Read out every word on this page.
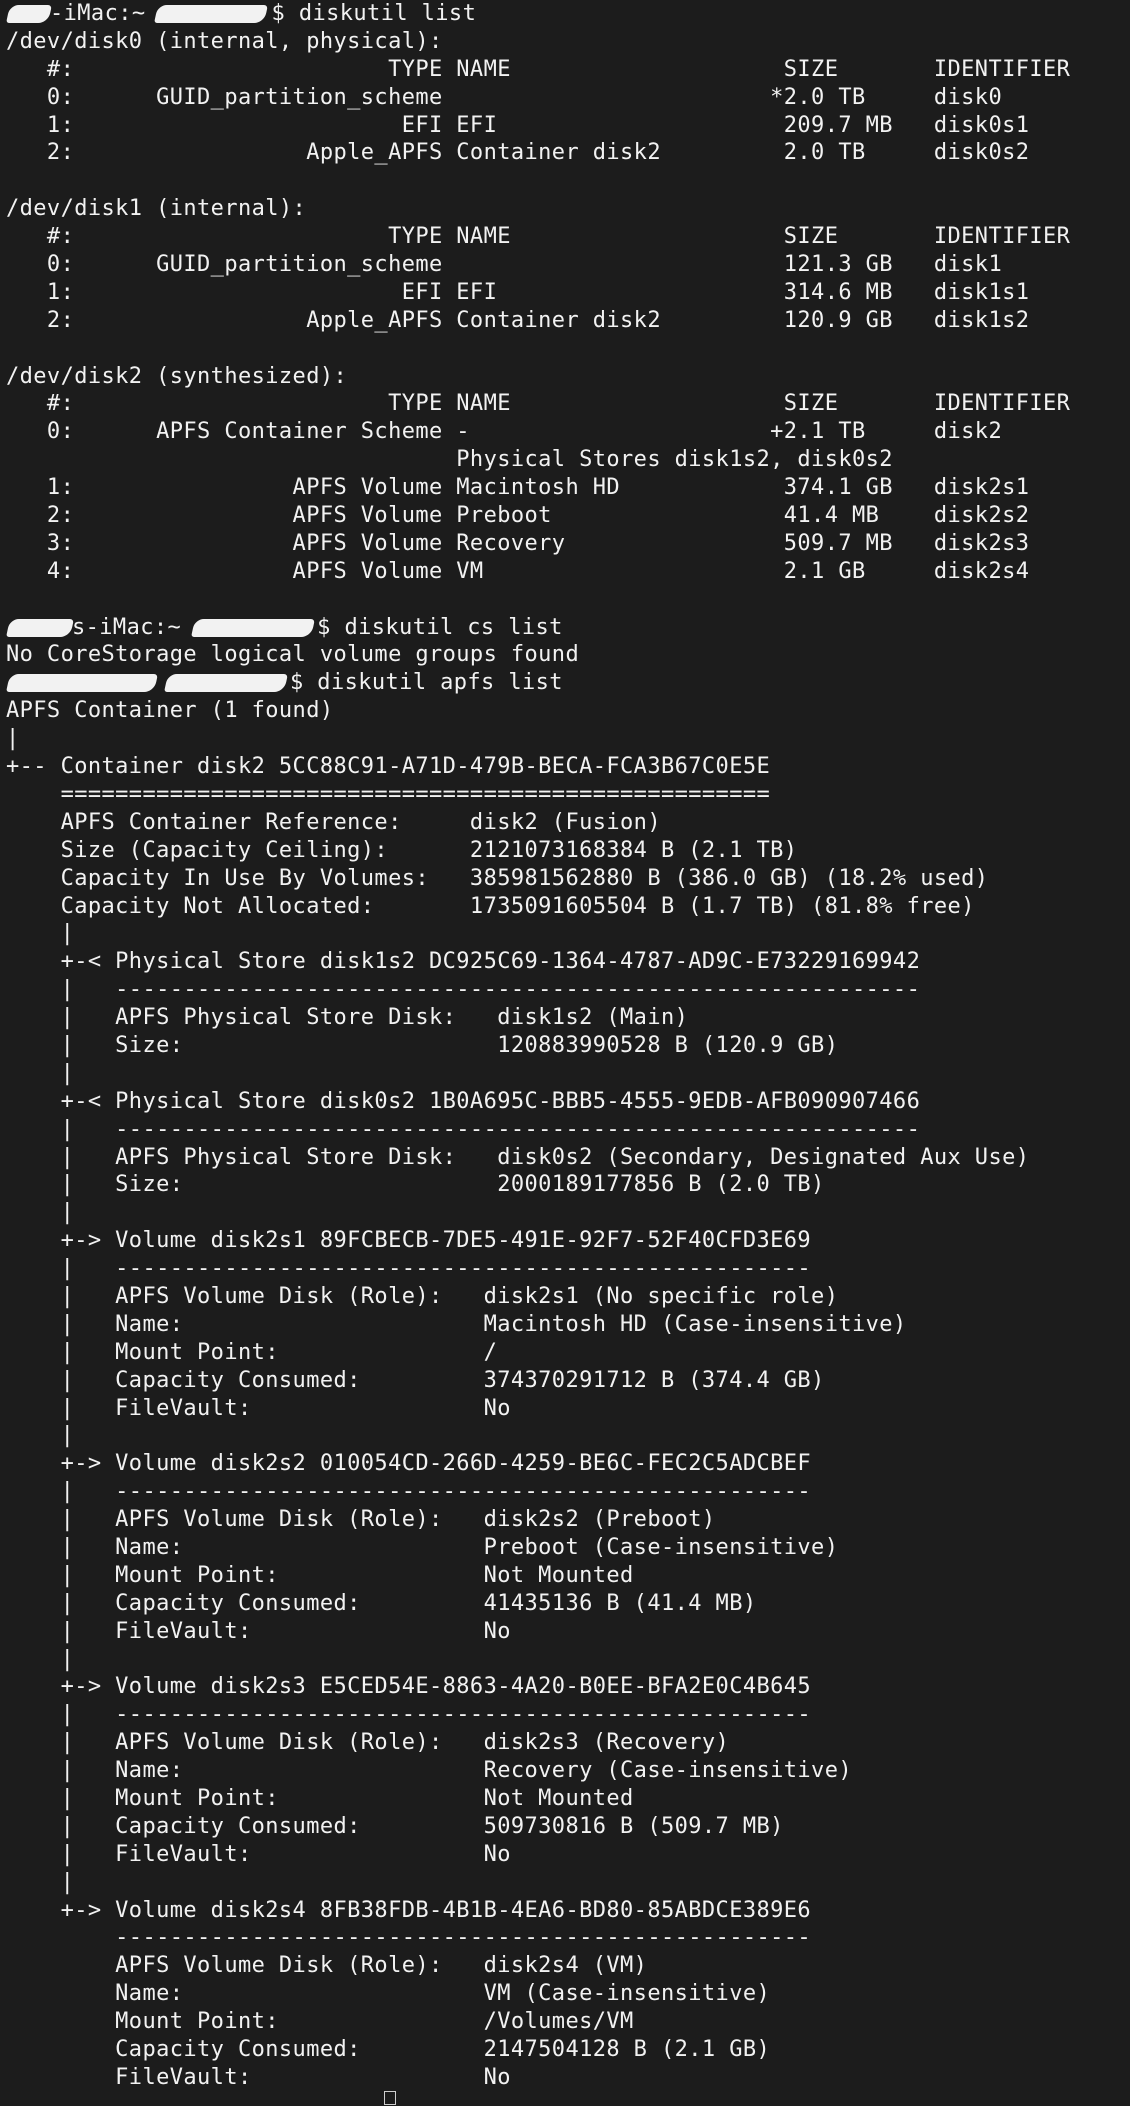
-iMac:~	$ diskutil list
/dev/disk0 (internal, physical):
#:                       TYPE NAME                    SIZE       IDENTIFIER
0:      GUID_partition_scheme                        *2.0 TB     disk0
1:                        EFI EFI                     209.7 MB   disk0s1
2:                 Apple_APFS Container disk2         2.0 TB     disk0s2
/dev/disk1 (internal):
#:                       TYPE NAME                    SIZE       IDENTIFIER
0:      GUID_partition_scheme                         121.3 GB   disk1
1:                        EFI EFI                     314.6 MB   disk1s1
2:                 Apple_APFS Container disk2         120.9 GB   disk1s2
/dev/disk2 (synthesized):
#:                       TYPE NAME                    SIZE       IDENTIFIER
0:      APFS Container Scheme -                      +2.1 TB     disk2
Physical Stores disk1s2, disk0s2
1:                APFS Volume Macintosh HD            374.1 GB   disk2s1
2:                APFS Volume Preboot                 41.4 MB    disk2s2
3:                APFS Volume Recovery                509.7 MB   disk2s3
4:                APFS Volume VM                      2.1 GB     disk2s4
s-iMac:~	$ diskutil cs list
No CoreStorage logical volume groups found
$ diskutil apfs list
APFS Container (1 found)
|
+-- Container disk2 5CC88C91-A71D-479B-BECA-FCA3B67C0E5E
====================================================
APFS Container Reference:     disk2 (Fusion)
Size (Capacity Ceiling):      2121073168384 B (2.1 TB)
Capacity In Use By Volumes:   385981562880 B (386.0 GB) (18.2% used)
Capacity Not Allocated:       1735091605504 B (1.7 TB) (81.8% free)
|
+-< Physical Store disk1s2 DC925C69-1364-4787-AD9C-E73229169942
|   -----------------------------------------------------------
|   APFS Physical Store Disk:   disk1s2 (Main)
|   Size:                       120883990528 B (120.9 GB)
|
+-< Physical Store disk0s2 1B0A695C-BBB5-4555-9EDB-AFB090907466
|   -----------------------------------------------------------
|   APFS Physical Store Disk:   disk0s2 (Secondary, Designated Aux Use)
|   Size:                       2000189177856 B (2.0 TB)
|
+-> Volume disk2s1 89FCBECB-7DE5-491E-92F7-52F40CFD3E69
|   ---------------------------------------------------
|   APFS Volume Disk (Role):   disk2s1 (No specific role)
|   Name:                      Macintosh HD (Case-insensitive)
|   Mount Point:               /
|   Capacity Consumed:         374370291712 B (374.4 GB)
|   FileVault:                 No
|
+-> Volume disk2s2 010054CD-266D-4259-BE6C-FEC2C5ADCBEF
|   ---------------------------------------------------
|   APFS Volume Disk (Role):   disk2s2 (Preboot)
|   Name:                      Preboot (Case-insensitive)
|   Mount Point:               Not Mounted
|   Capacity Consumed:         41435136 B (41.4 MB)
|   FileVault:                 No
|
+-> Volume disk2s3 E5CED54E-8863-4A20-B0EE-BFA2E0C4B645
|   ---------------------------------------------------
|   APFS Volume Disk (Role):   disk2s3 (Recovery)
|   Name:                      Recovery (Case-insensitive)
|   Mount Point:               Not Mounted
|   Capacity Consumed:         509730816 B (509.7 MB)
|   FileVault:                 No
|
+-> Volume disk2s4 8FB38FDB-4B1B-4EA6-BD80-85ABDCE389E6
---------------------------------------------------
APFS Volume Disk (Role):   disk2s4 (VM)
Name:                      VM (Case-insensitive)
Mount Point:               /Volumes/VM
Capacity Consumed:         2147504128 B (2.1 GB)
FileVault:                 No
